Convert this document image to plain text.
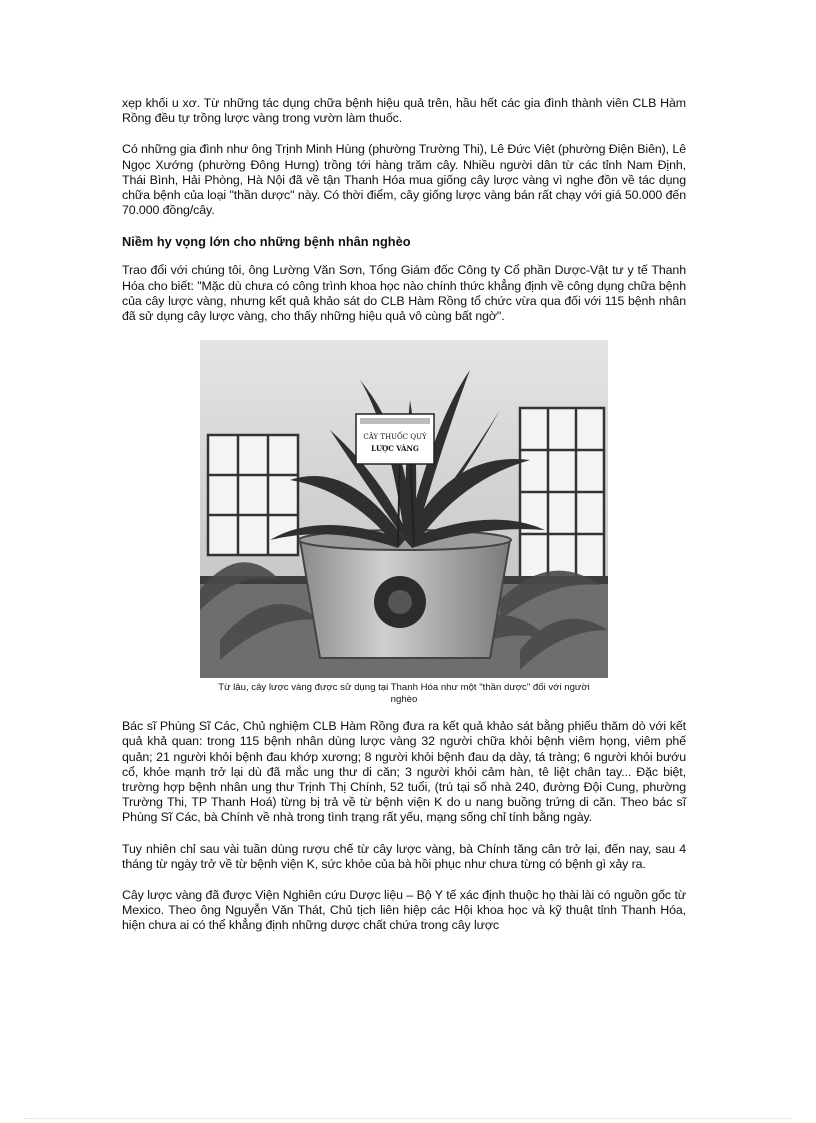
xẹp khối u xơ. Từ những tác dụng chữa bệnh hiệu quả trên, hầu hết các gia đình thành viên CLB Hàm Rồng đều tự trồng lược vàng trong vườn làm thuốc.

Có những gia đình như ông Trịnh Minh Hùng (phường Trường Thi), Lê Đức Việt (phường Điện Biên), Lê Ngọc Xướng (phường Đông Hưng) trồng tới hàng trăm cây. Nhiều người dân từ các tỉnh Nam Định, Thái Bình, Hải Phòng, Hà Nội đã về tận Thanh Hóa mua giống cây lược vàng vì nghe đồn về tác dụng chữa bệnh của loại "thần dược" này. Có thời điểm, cây giống lược vàng bán rất chạy với giá 50.000 đến 70.000 đồng/cây.

Niềm hy vọng lớn cho những bệnh nhân nghèo

Trao đổi với chúng tôi, ông Lường Văn Sơn, Tổng Giám đốc Công ty Cổ phần Dược-Vật tư y tế Thanh Hóa cho biết: "Mặc dù chưa có công trình khoa học nào chính thức khẳng định về công dụng chữa bệnh của cây lược vàng, nhưng kết quả khảo sát do CLB Hàm Rồng tổ chức vừa qua đối với 115 bệnh nhân đã sử dụng cây lược vàng, cho thấy những hiệu quả vô cùng bất ngờ".

CÂY THUỐC QUÝ
LƯỢC VÀNG
Từ lâu, cây lược vàng được sử dụng tại Thanh Hóa như một "thần dược" đối với người nghèo

Bác sĩ Phùng Sĩ Các, Chủ nghiệm CLB Hàm Rồng đưa ra kết quả khảo sát bằng phiếu thăm dò với kết quả khả quan: trong 115 bệnh nhân dùng lược vàng 32 người chữa khỏi bệnh viêm họng, viêm phế quản; 21 người khỏi bệnh đau khớp xương; 8 người khỏi bệnh đau dạ dày, tá tràng; 6 người khỏi bướu cổ, khỏe mạnh trở lại dù đã mắc ung thư di căn; 3 người khỏi cảm hàn, tê liệt chân tay... Đặc biệt, trường hợp bệnh nhân ung thư Trịnh Thị Chính, 52 tuổi, (trú tại số nhà 240, đường Đội Cung, phường Trường Thi, TP Thanh Hoá) từng bị trả về từ bệnh viện K do u nang buồng trứng di căn. Theo bác sĩ Phùng Sĩ Các, bà Chính về nhà trong tình trạng rất yếu, mạng sống chỉ tính bằng ngày.

Tuy nhiên chỉ sau vài tuần dùng rượu chế từ cây lược vàng, bà Chính tăng cân trở lại, đến nay, sau 4 tháng từ ngày trở về từ bệnh viện K, sức khỏe của bà hồi phục như chưa từng có bệnh gì xảy ra.

Cây lược vàng đã được Viện Nghiên cứu Dược liệu – Bộ Y tế xác định thuộc họ thài lài có nguồn gốc từ Mexico. Theo ông Nguyễn Văn Thát, Chủ tịch liên hiệp các Hội khoa học và kỹ thuật tỉnh Thanh Hóa, hiện chưa ai có thể khẳng định những dược chất chứa trong cây lược
